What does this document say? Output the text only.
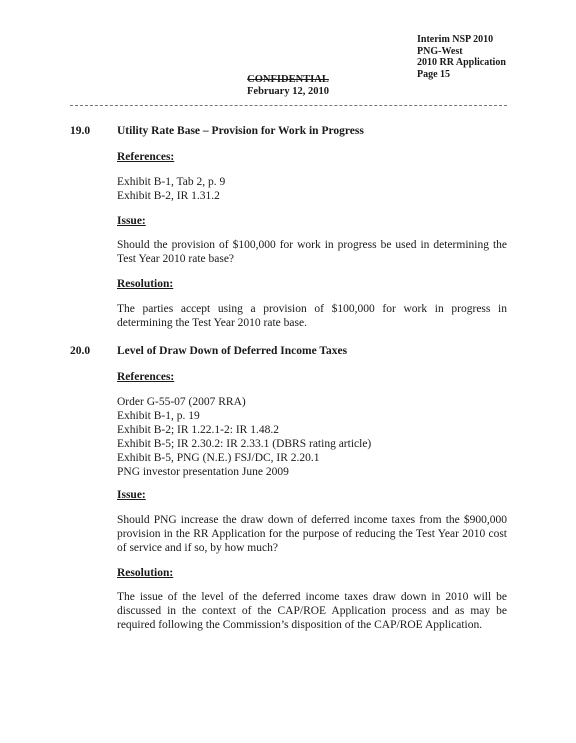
Interim NSP 2010
PNG-West
2010 RR Application
Page 15
CONFIDENTIAL
February 12, 2010
19.0 Utility Rate Base – Provision for Work in Progress
References:
Exhibit B-1, Tab 2, p. 9
Exhibit B-2, IR 1.31.2
Issue:
Should the provision of $100,000 for work in progress be used in determining the Test Year 2010 rate base?
Resolution:
The parties accept using a provision of $100,000 for work in progress in determining the Test Year 2010 rate base.
20.0 Level of Draw Down of Deferred Income Taxes
References:
Order G-55-07 (2007 RRA)
Exhibit B-1, p. 19
Exhibit B-2; IR 1.22.1-2: IR 1.48.2
Exhibit B-5; IR 2.30.2: IR 2.33.1 (DBRS rating article)
Exhibit B-5, PNG (N.E.) FSJ/DC, IR 2.20.1
PNG investor presentation June 2009
Issue:
Should PNG increase the draw down of deferred income taxes from the $900,000 provision in the RR Application for the purpose of reducing the Test Year 2010 cost of service and if so, by how much?
Resolution:
The issue of the level of the deferred income taxes draw down in 2010 will be discussed in the context of the CAP/ROE Application process and as may be required following the Commission’s disposition of the CAP/ROE Application.
